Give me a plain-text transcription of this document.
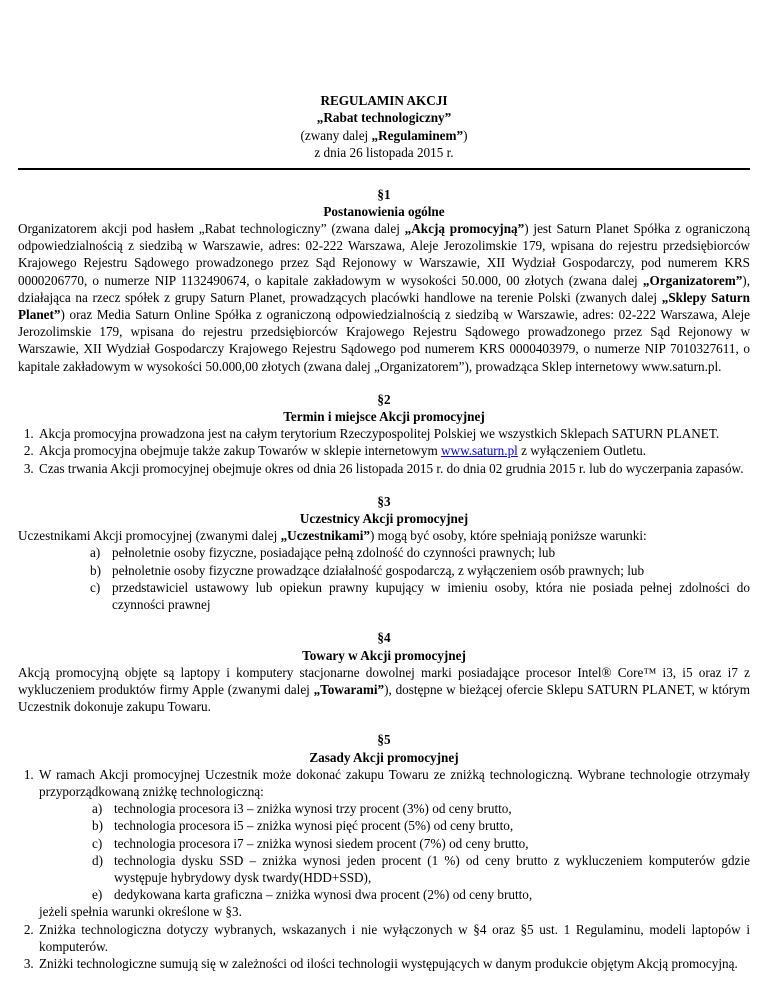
REGULAMIN AKCJI
„Rabat technologiczny”
(zwany dalej „Regulaminem”)
z dnia 26 listopada 2015 r.
§1
Postanowienia ogólne

Organizatorem akcji pod hasłem „Rabat technologiczny” (zwana dalej „Akcją promocyjną”) jest Saturn Planet Spółka z ograniczoną odpowiedzialnością z siedzibą w Warszawie, adres: 02-222 Warszawa, Aleje Jerozolimskie 179, wpisana do rejestru przedsiębiorców Krajowego Rejestru Sądowego prowadzonego przez Sąd Rejonowy w Warszawie, XII Wydział Gospodarczy, pod numerem KRS 0000206770, o numerze NIP 1132490674, o kapitale zakładowym w wysokości 50.000, 00 złotych (zwana dalej „Organizatorem”), działająca na rzecz spółek z grupy Saturn Planet, prowadzących placówki handlowe na terenie Polski (zwanych dalej „Sklepy Saturn Planet”) oraz Media Saturn Online Spółka z ograniczoną odpowiedzialnością z siedzibą w Warszawie, adres: 02-222 Warszawa, Aleje Jerozolimskie 179, wpisana do rejestru przedsiębiorców Krajowego Rejestru Sądowego prowadzonego przez Sąd Rejonowy w Warszawie, XII Wydział Gospodarczy Krajowego Rejestru Sądowego pod numerem KRS 0000403979, o numerze NIP 7010327611, o kapitale zakładowym w wysokości 50.000,00 złotych (zwana dalej „Organizatorem”), prowadząca Sklep internetowy www.saturn.pl.

§2
Termin i miejsce Akcji promocyjnej
1. Akcja promocyjna prowadzona jest na całym terytorium Rzeczypospolitej Polskiej we wszystkich Sklepach SATURN PLANET.
2. Akcja promocyjna obejmuje także zakup Towarów w sklepie internetowym www.saturn.pl z wyłączeniem Outletu.
3. Czas trwania Akcji promocyjnej obejmuje okres od dnia 26 listopada 2015 r. do dnia 02 grudnia 2015 r. lub do wyczerpania zapasów.
§3
Uczestnicy Akcji promocyjnej

Uczestnikami Akcji promocyjnej (zwanymi dalej „Uczestnikami”) mogą być osoby, które spełniają poniższe warunki:

a) pełnoletnie osoby fizyczne, posiadające pełną zdolność do czynności prawnych; lub
b) pełnoletnie osoby fizyczne prowadzące działalność gospodarczą, z wyłączeniem osób prawnych; lub
c) przedstawiciel ustawowy lub opiekun prawny kupujący w imieniu osoby, która nie posiada pełnej zdolności do czynności prawnej
§4
Towary w Akcji promocyjnej

Akcją promocyjną objęte są laptopy i komputery stacjonarne dowolnej marki posiadające procesor Intel® Core™ i3, i5 oraz i7 z wykluczeniem produktów firmy Apple (zwanymi dalej „Towarami”), dostępne w bieżącej ofercie Sklepu SATURN PLANET, w którym Uczestnik dokonuje zakupu Towaru.

§5
Zasady Akcji promocyjnej
1. W ramach Akcji promocyjnej Uczestnik może dokonać zakupu Towaru ze zniżką technologiczną. Wybrane technologie otrzymały przyporządkowaną zniżkę technologiczną:
a) technologia procesora i3 – zniżka wynosi trzy procent (3%) od ceny brutto,
b) technologia procesora i5 – zniżka wynosi pięć procent (5%) od ceny brutto,
c) technologia procesora i7 – zniżka wynosi siedem procent (7%) od ceny brutto,
d) technologia dysku SSD – zniżka wynosi jeden procent (1 %) od ceny brutto z wykluczeniem komputerów gdzie występuje hybrydowy dysk twardy(HDD+SSD),
e) dedykowana karta graficzna – zniżka wynosi dwa procent (2%) od ceny brutto,
jeżeli spełnia warunki określone w §3.
2. Zniżka technologiczna dotyczy wybranych, wskazanych i nie wyłączonych w §4 oraz §5 ust. 1 Regulaminu, modeli laptopów i komputerów.
3. Zniżki technologiczne sumują się w zależności od ilości technologii występujących w danym produkcie objętym Akcją promocyjną.
